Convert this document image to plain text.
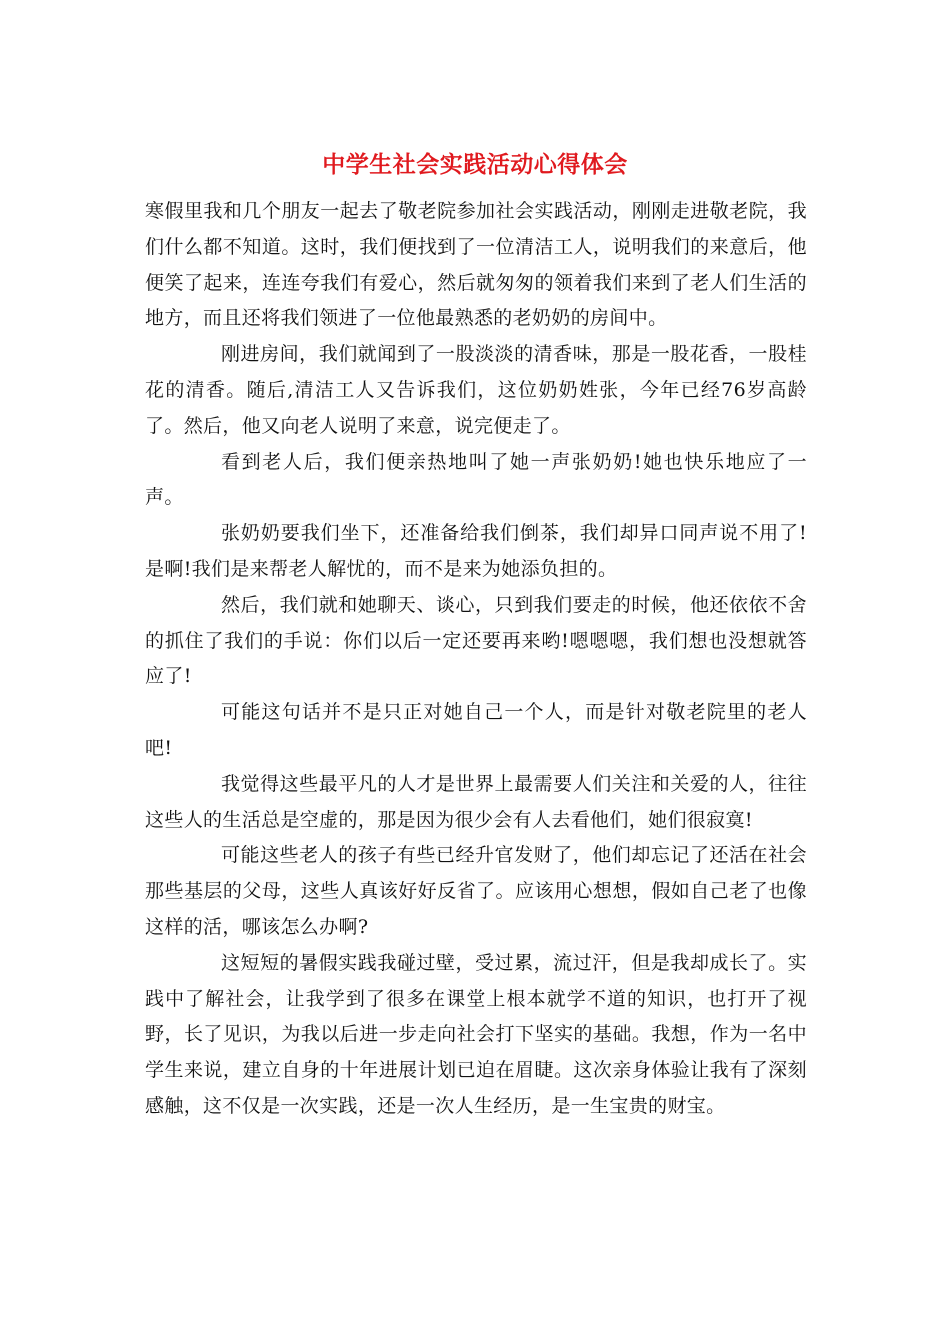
中学生社会实践活动心得体会

寒假里我和几个朋友一起去了敬老院参加社会实践活动，刚刚走进敬老院，我们什么都不知道。这时，我们便找到了一位清洁工人，说明我们的来意后，他便笑了起来，连连夸我们有爱心，然后就匆匆的领着我们来到了老人们生活的地方，而且还将我们领进了一位他最熟悉的老奶奶的房间中。

刚进房间，我们就闻到了一股淡淡的清香味，那是一股花香，一股桂花的清香。随后,清洁工人又告诉我们，这位奶奶姓张，今年已经76岁高龄了。然后，他又向老人说明了来意，说完便走了。

看到老人后，我们便亲热地叫了她一声张奶奶!她也快乐地应了一声。

张奶奶要我们坐下，还准备给我们倒茶，我们却异口同声说不用了!是啊!我们是来帮老人解忧的，而不是来为她添负担的。

然后，我们就和她聊天、谈心，只到我们要走的时候，他还依依不舍的抓住了我们的手说：你们以后一定还要再来哟!嗯嗯嗯，我们想也没想就答应了!

可能这句话并不是只正对她自己一个人，而是针对敬老院里的老人吧!

我觉得这些最平凡的人才是世界上最需要人们关注和关爱的人，往往这些人的生活总是空虚的，那是因为很少会有人去看他们，她们很寂寞!

可能这些老人的孩子有些已经升官发财了，他们却忘记了还活在社会那些基层的父母，这些人真该好好反省了。应该用心想想，假如自己老了也像这样的活，哪该怎么办啊?

这短短的暑假实践我碰过壁，受过累，流过汗，但是我却成长了。实践中了解社会，让我学到了很多在课堂上根本就学不道的知识，也打开了视野，长了见识，为我以后进一步走向社会打下坚实的基础。我想，作为一名中学生来说，建立自身的十年进展计划已迫在眉睫。这次亲身体验让我有了深刻感触，这不仅是一次实践，还是一次人生经历，是一生宝贵的财宝。
